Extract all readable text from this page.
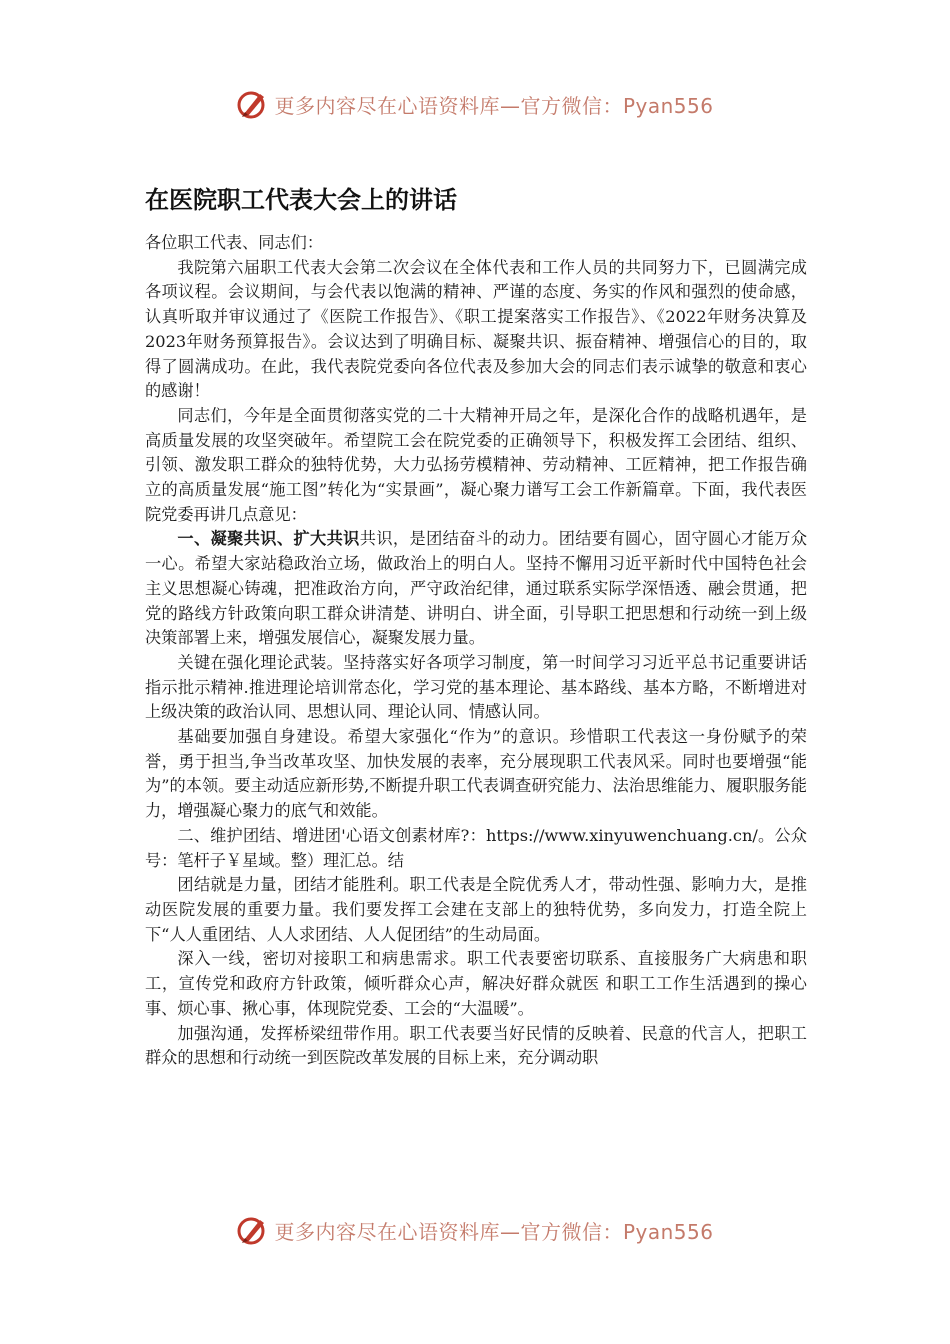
更多内容尽在心语资料库—官方微信：Pyan556
在医院职工代表大会上的讲话

各位职工代表、同志们：

我院第六届职工代表大会第二次会议在全体代表和工作人员的共同努力下，已圆满完成各项议程。会议期间，与会代表以饱满的精神、严谨的态度、务实的作风和强烈的使命感，认真听取并审议通过了《医院工作报告》、《职工提案落实工作报告》、《2022年财务决算及2023年财务预算报告》。会议达到了明确目标、凝聚共识、振奋精神、增强信心的目的，取得了圆满成功。在此，我代表院党委向各位代表及参加大会的同志们表示诚挚的敬意和衷心的感谢！

同志们，今年是全面贯彻落实党的二十大精神开局之年，是深化合作的战略机遇年，是高质量发展的攻坚突破年。希望院工会在院党委的正确领导下，积极发挥工会团结、组织、引领、激发职工群众的独特优势，大力弘扬劳模精神、劳动精神、工匠精神，把工作报告确立的高质量发展“施工图”转化为“实景画”，凝心聚力谱写工会工作新篇章。下面，我代表医院党委再讲几点意见：

一、凝聚共识、扩大共识共识，是团结奋斗的动力。团结要有圆心，固守圆心才能万众一心。希望大家站稳政治立场，做政治上的明白人。坚持不懈用习近平新时代中国特色社会主义思想凝心铸魂，把准政治方向，严守政治纪律，通过联系实际学深悟透、融会贯通，把党的路线方针政策向职工群众讲清楚、讲明白、讲全面，引导职工把思想和行动统一到上级决策部署上来，增强发展信心，凝聚发展力量。

关键在强化理论武装。坚持落实好各项学习制度，第一时间学习习近平总书记重要讲话指示批示精神.推进理论培训常态化，学习党的基本理论、基本路线、基本方略，不断增进对上级决策的政治认同、思想认同、理论认同、情感认同。

基础要加强自身建设。希望大家强化“作为”的意识。珍惜职工代表这一身份赋予的荣誉，勇于担当,争当改革攻坚、加快发展的表率，充分展现职工代表风采。同时也要增强“能为”的本领。要主动适应新形势,不断提升职工代表调查研究能力、法治思维能力、履职服务能力，增强凝心聚力的底气和效能。

二、维护团结、增进团'心语文创素材库?：https://www.xinyuwenchuang.cn/。公众号：笔杆子￥星域。整）理汇总。结

团结就是力量，团结才能胜利。职工代表是全院优秀人才，带动性强、影响力大，是推动医院发展的重要力量。我们要发挥工会建在支部上的独特优势，多向发力，打造全院上下“人人重团结、人人求团结、人人促团结”的生动局面。

深入一线，密切对接职工和病患需求。职工代表要密切联系、直接服务广大病患和职工，宣传党和政府方针政策，倾听群众心声，解决好群众就医 和职工工作生活遇到的操心事、烦心事、揪心事，体现院党委、工会的“大温暖”。

加强沟通，发挥桥梁纽带作用。职工代表要当好民情的反映着、民意的代言人，把职工群众的思想和行动统一到医院改革发展的目标上来，充分调动职

更多内容尽在心语资料库—官方微信：Pyan556
